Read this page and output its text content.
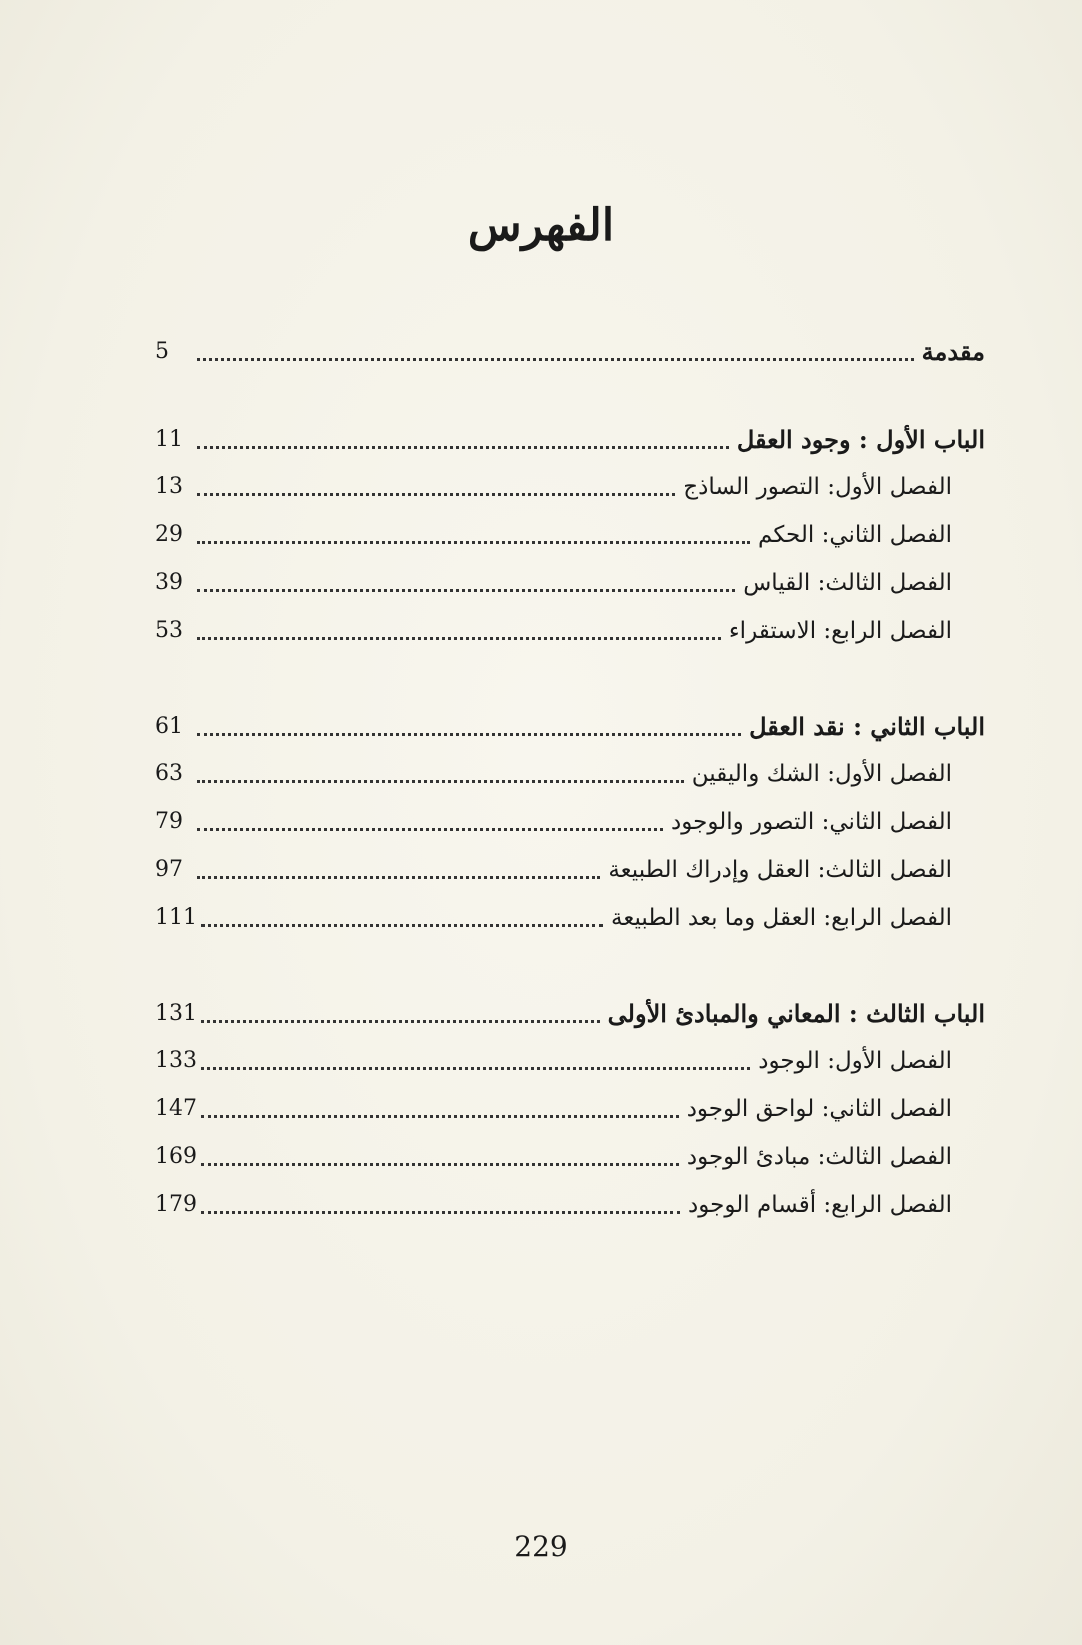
الفهرس
مقدمة
5
الباب الأول : وجود العقل
11
الفصل الأول: التصور الساذج
13
الفصل الثاني: الحكم
29
الفصل الثالث: القياس
39
الفصل الرابع: الاستقراء
53
الباب الثاني : نقد العقل
61
الفصل الأول: الشك واليقين
63
الفصل الثاني: التصور والوجود
79
الفصل الثالث: العقل وإدراك الطبيعة
97
الفصل الرابع: العقل وما بعد الطبيعة
111
الباب الثالث : المعاني والمبادئ الأولى
131
الفصل الأول: الوجود
133
الفصل الثاني: لواحق الوجود
147
الفصل الثالث: مبادئ الوجود
169
الفصل الرابع: أقسام الوجود
179
229
